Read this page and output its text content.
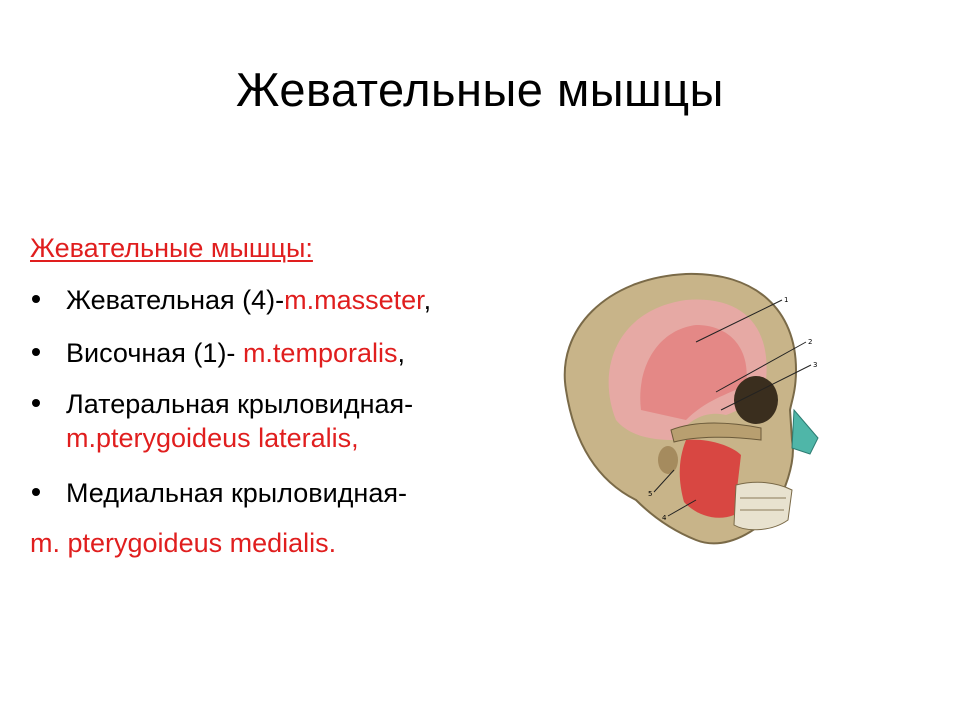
Жевательные мышцы
Жевательные мышцы:
Жевательная (4)-m.masseter,
Височная (1)- m.temporalis,
Латеральная крыловидная-
m.pterygoideus lateralis,
Медиальная крыловидная-
m. pterygoideus medialis.
1
2
3
5
4
